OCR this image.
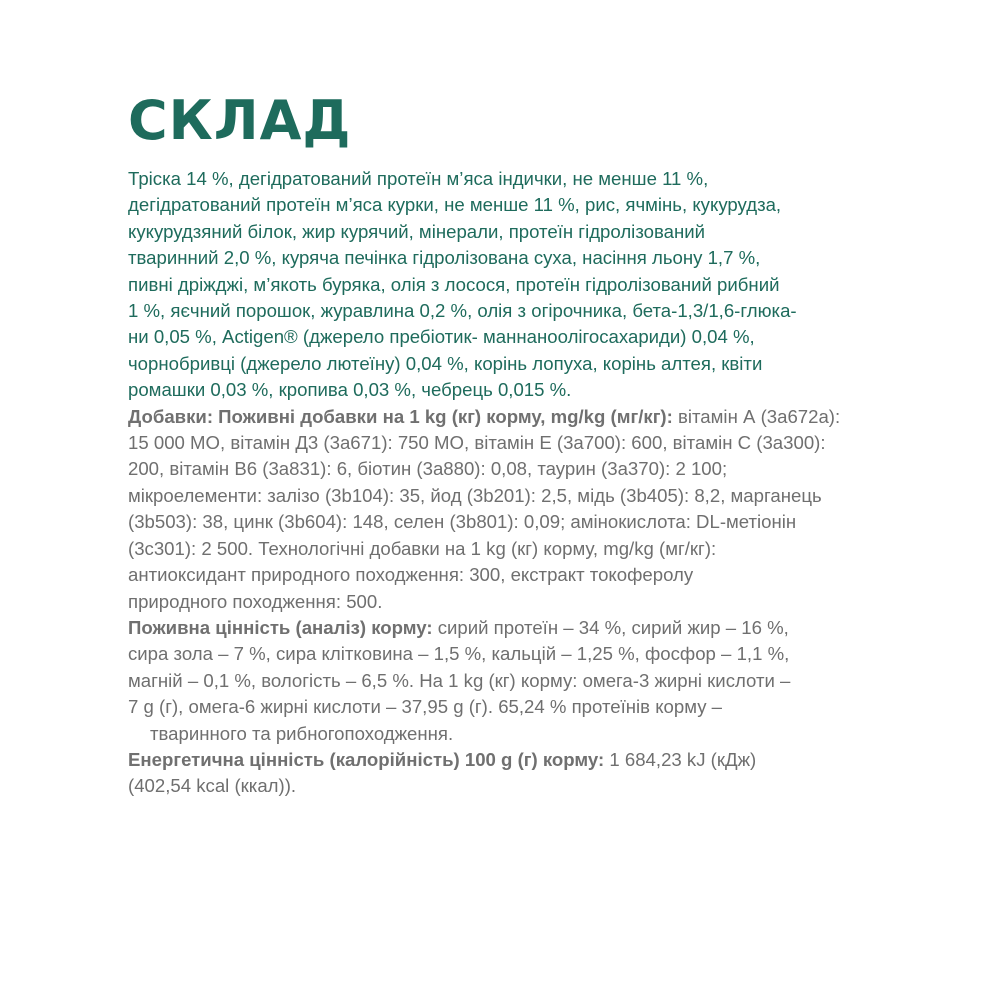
СКЛАД

Тріска 14 %, дегідратований протеїн м’яса індички, не менше 11 %,
дегідратований протеїн м’яса курки, не менше 11 %, рис, ячмінь, кукурудза,
кукурудзяний білок, жир курячий, мінерали, протеїн гідролізований
тваринний 2,0 %, куряча печінка гідролізована суха, насіння льону 1,7 %,
пивні дріжджі, м’якоть буряка, олія з лосося, протеїн гідролізований рибний
1 %, яєчний порошок, журавлина 0,2 %, олія з огірочника, бета-1,3/1,6-глюка-
ни 0,05 %, Actigen® (джерело пребіотик- маннаноолігосахариди) 0,04 %,
чорнобривці (джерело лютеїну) 0,04 %, корінь лопуха, корінь алтея, квіти
ромашки 0,03 %, кропива 0,03 %, чебрець 0,015 %.

Добавки: Поживні добавки на 1 kg (кг) корму, mg/kg (мг/кг): вітамін А (3а672а):
15 000 МО, вітамін Д3 (3а671): 750 МО, вітамін Е (3а700): 600, вітамін С (3а300):
200, вітамін В6 (3а831): 6, біотин (3а880): 0,08, таурин (3а370): 2 100;
мікроелементи: залізо (3b104): 35, йод (3b201): 2,5, мідь (3b405): 8,2, марганець
(3b503): 38, цинк (3b604): 148, селен (3b801): 0,09; амінокислота: DL-метіонін
(3c301): 2 500. Технологічні добавки на 1 kg (кг) корму, mg/kg (мг/кг):
антиоксидант природного походження: 300, екстракт токоферолу
природного походження: 500.

Поживна цінність (аналіз) корму: сирий протеїн – 34 %, сирий жир – 16 %,
сира зола – 7 %, сира клітковина – 1,5 %, кальцій – 1,25 %, фосфор – 1,1 %,
магній – 0,1 %, вологість – 6,5 %. На 1 kg (кг) корму: омега-3 жирні кислоти –
7 g (г), омега-6 жирні кислоти – 37,95 g (г). 65,24 % протеїнів корму –
тваринного та рибногопоходження.

Енергетична цінність (калорійність) 100 g (г) корму: 1 684,23 kJ (кДж)
(402,54 kcal (ккал)).
